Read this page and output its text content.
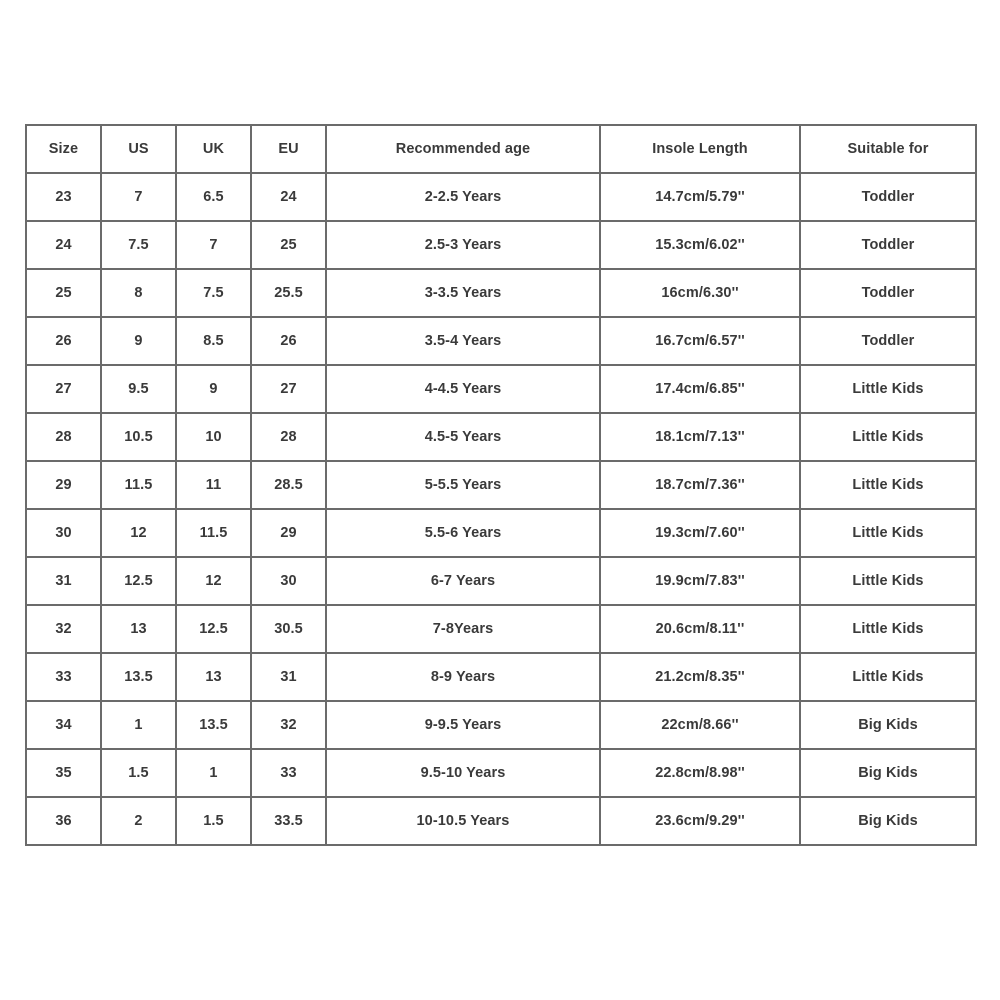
Size	US	UK	EU	Recommended age	Insole Length	Suitable for
23	7	6.5	24	2-2.5 Years	14.7cm/5.79''	Toddler
24	7.5	7	25	2.5-3 Years	15.3cm/6.02''	Toddler
25	8	7.5	25.5	3-3.5 Years	16cm/6.30''	Toddler
26	9	8.5	26	3.5-4 Years	16.7cm/6.57''	Toddler
27	9.5	9	27	4-4.5 Years	17.4cm/6.85''	Little Kids
28	10.5	10	28	4.5-5 Years	18.1cm/7.13''	Little Kids
29	11.5	11	28.5	5-5.5 Years	18.7cm/7.36''	Little Kids
30	12	11.5	29	5.5-6 Years	19.3cm/7.60''	Little Kids
31	12.5	12	30	6-7 Years	19.9cm/7.83''	Little Kids
32	13	12.5	30.5	7-8Years	20.6cm/8.11''	Little Kids
33	13.5	13	31	8-9 Years	21.2cm/8.35''	Little Kids
34	1	13.5	32	9-9.5 Years	22cm/8.66''	Big Kids
35	1.5	1	33	9.5-10 Years	22.8cm/8.98''	Big Kids
36	2	1.5	33.5	10-10.5 Years	23.6cm/9.29''	Big Kids
